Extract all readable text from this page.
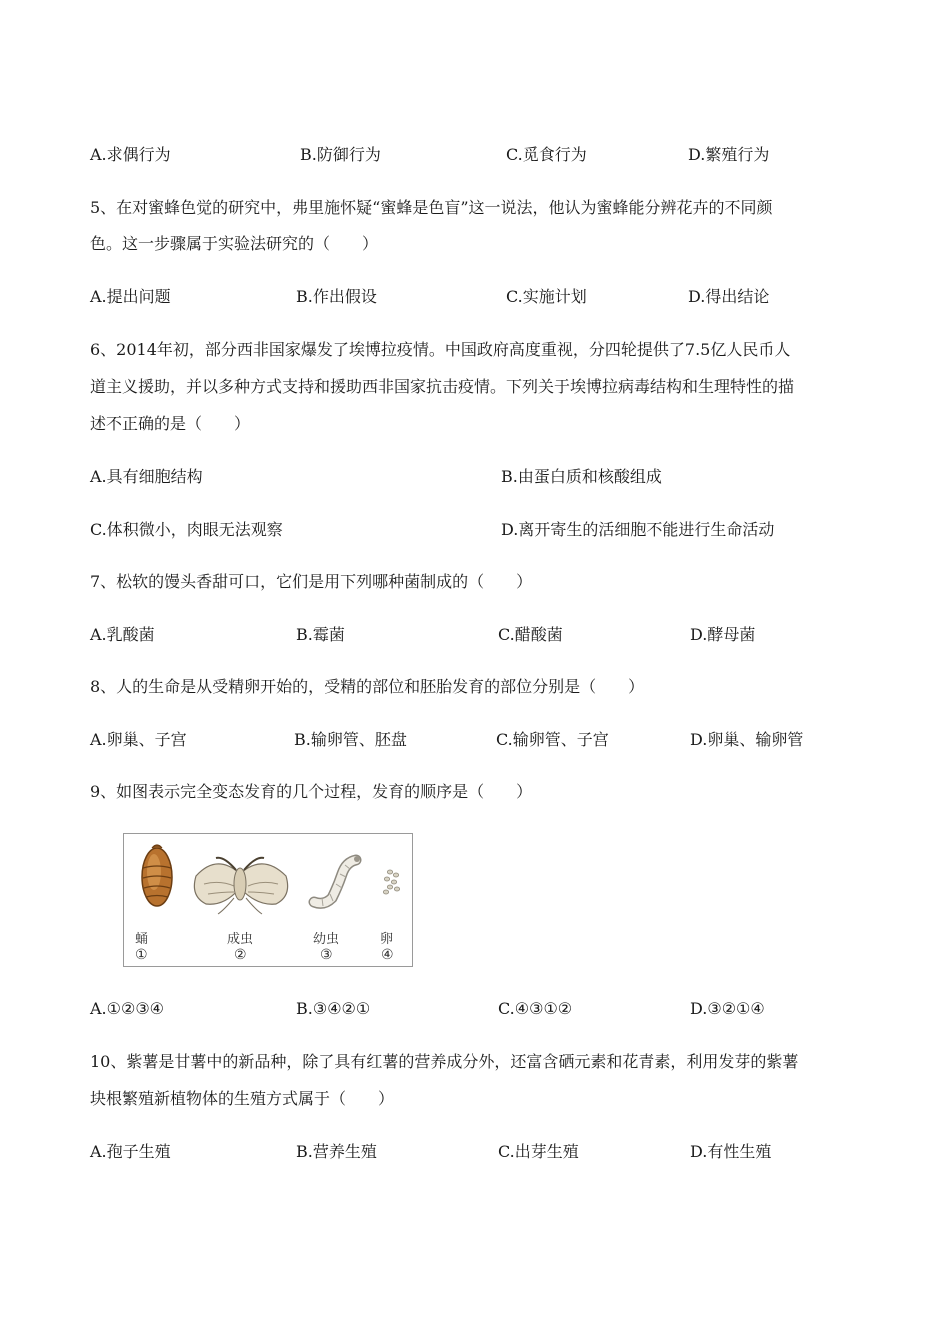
A.求偶行为	B.防御行为	C.觅食行为	D.繁殖行为
5、在对蜜蜂色觉的研究中，弗里施怀疑“蜜蜂是色盲”这一说法，他认为蜜蜂能分辨花卉的不同颜
色。这一步骤属于实验法研究的（　　）
A.提出问题	B.作出假设	C.实施计划	D.得出结论
6、2014年初，部分西非国家爆发了埃博拉疫情。中国政府高度重视，分四轮提供了7.5亿人民币人
道主义援助，并以多种方式支持和援助西非国家抗击疫情。下列关于埃博拉病毒结构和生理特性的描
述不正确的是（　　）
A.具有细胞结构	B.由蛋白质和核酸组成
C.体积微小，肉眼无法观察	D.离开寄生的活细胞不能进行生命活动
7、松软的馒头香甜可口，它们是用下列哪种菌制成的（　　）
A.乳酸菌	B.霉菌	C.醋酸菌	D.酵母菌
8、人的生命是从受精卵开始的，受精的部位和胚胎发育的部位分别是（　　）
A.卵巢、子宫	B.输卵管、胚盘	C.输卵管、子宫	D.卵巢、输卵管
9、如图表示完全变态发育的几个过程，发育的顺序是（　　）
蛹	成虫	幼虫	卵
①	②	③	④
A.①②③④	B.③④②①	C.④③①②	D.③②①④
10、紫薯是甘薯中的新品种，除了具有红薯的营养成分外，还富含硒元素和花青素，利用发芽的紫薯
块根繁殖新植物体的生殖方式属于（　　）
A.孢子生殖	B.营养生殖	C.出芽生殖	D.有性生殖
